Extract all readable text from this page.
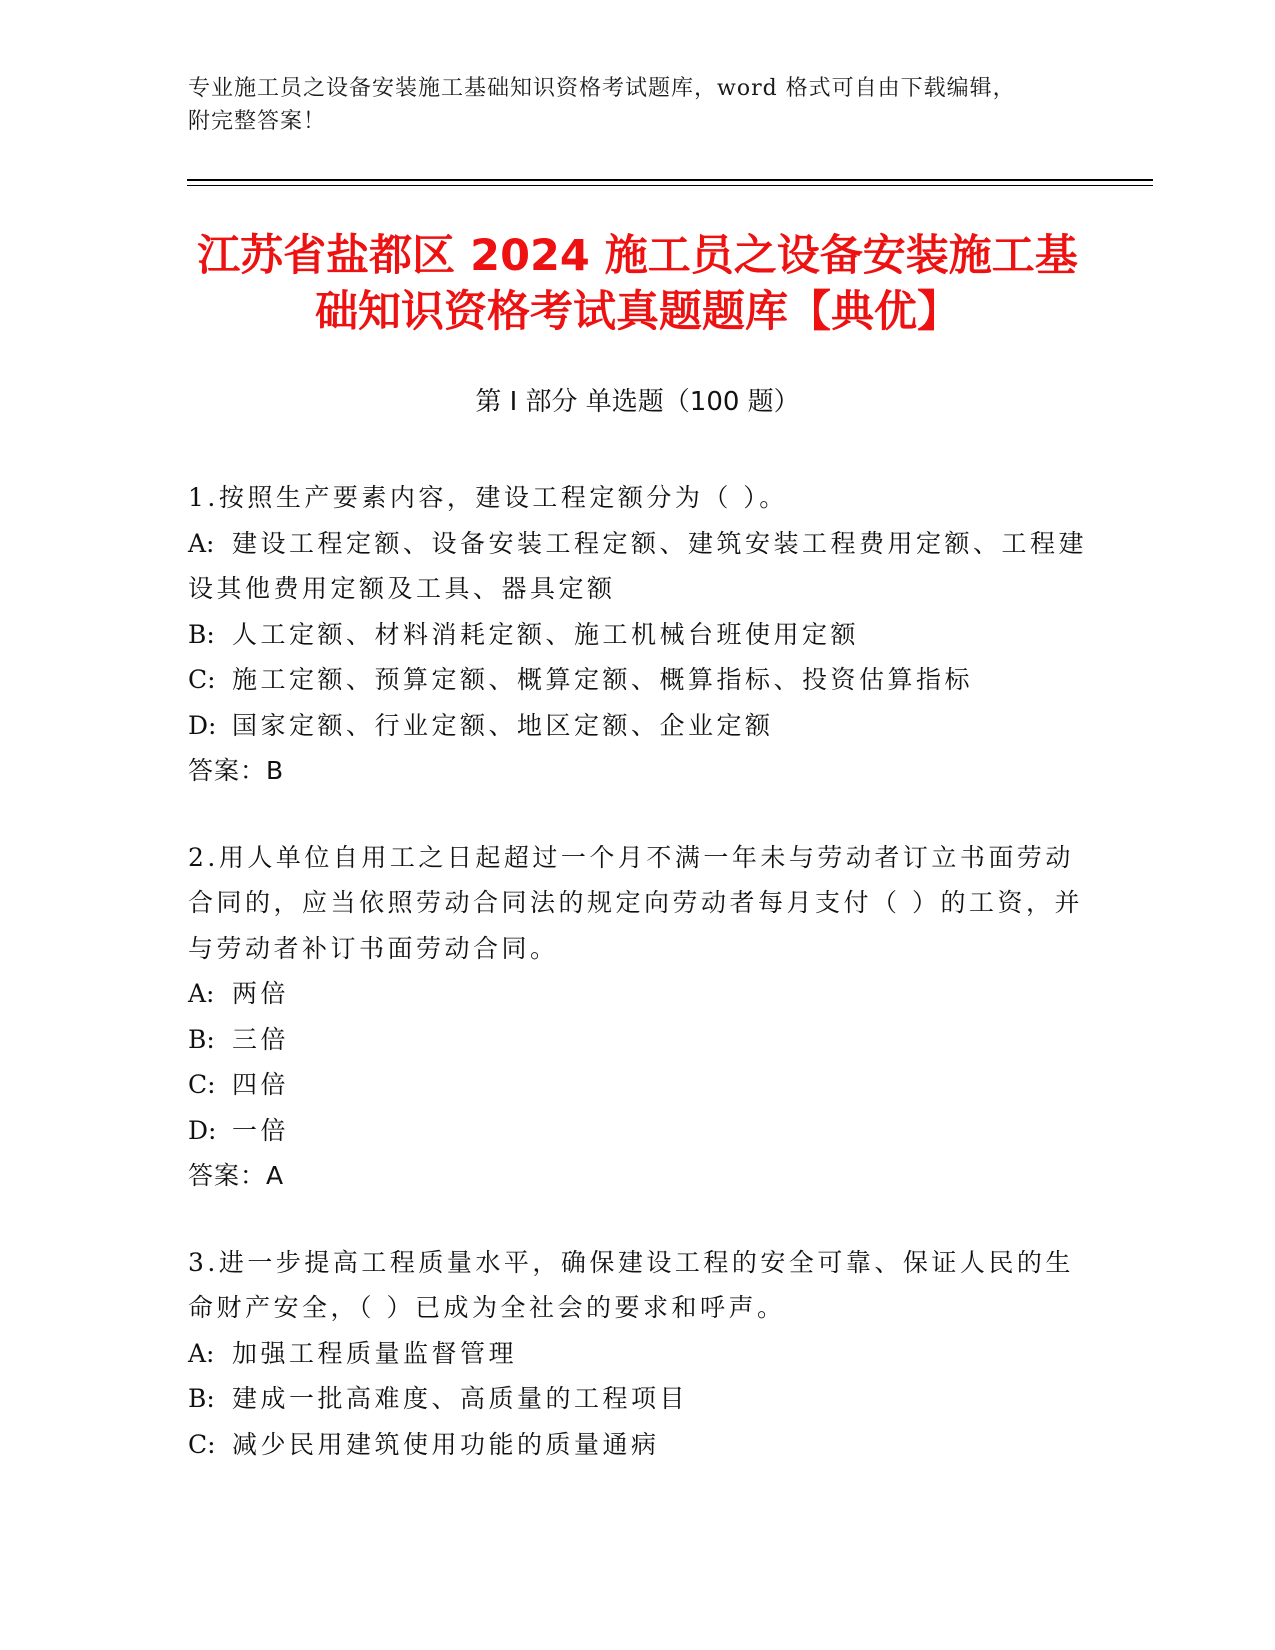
专业施工员之设备安装施工基础知识资格考试题库，word 格式可自由下载编辑，
附完整答案！
江苏省盐都区 2024 施工员之设备安装施工基
础知识资格考试真题题库【典优】
第 I 部分 单选题（100 题）
1.按照生产要素内容，建设工程定额分为（ ）。
A: 建设工程定额、设备安装工程定额、建筑安装工程费用定额、工程建设其他费用定额及工具、器具定额
B: 人工定额、材料消耗定额、施工机械台班使用定额
C: 施工定额、预算定额、概算定额、概算指标、投资估算指标
D: 国家定额、行业定额、地区定额、企业定额
答案：B
2.用人单位自用工之日起超过一个月不满一年未与劳动者订立书面劳动合同的，应当依照劳动合同法的规定向劳动者每月支付（ ）的工资，并与劳动者补订书面劳动合同。
A: 两倍
B: 三倍
C: 四倍
D: 一倍
答案：A
3.进一步提高工程质量水平，确保建设工程的安全可靠、保证人民的生命财产安全，（ ）已成为全社会的要求和呼声。
A: 加强工程质量监督管理
B: 建成一批高难度、高质量的工程项目
C: 减少民用建筑使用功能的质量通病
